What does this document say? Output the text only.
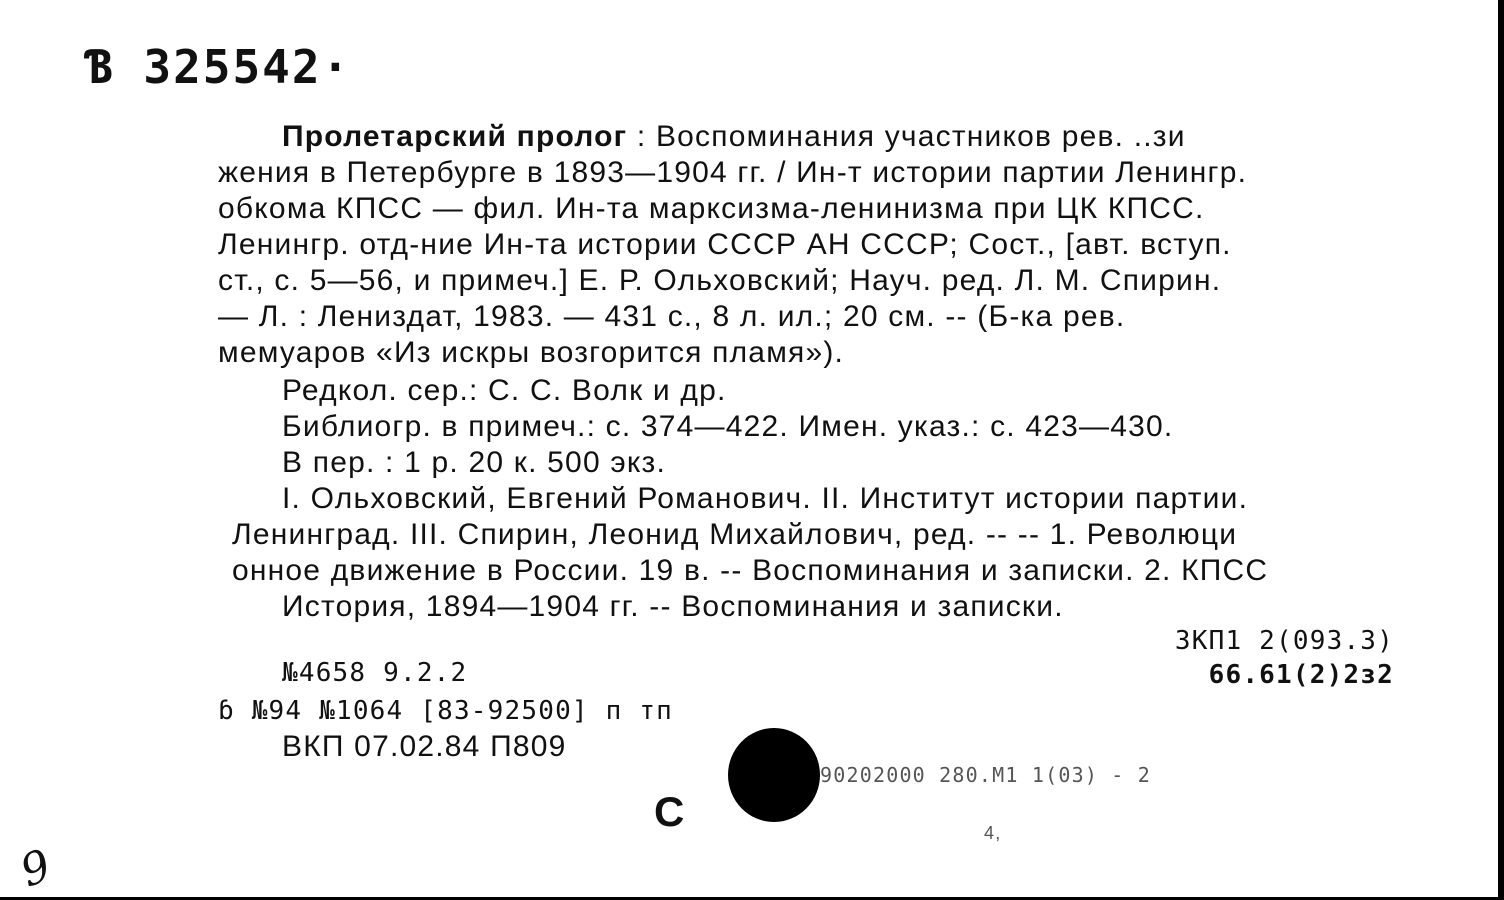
Ɓ 325542·
Пролетарский пролог : Воспоминания участников рев. ..зи
жения в Петербурге в 1893—1904 гг. / Ин-т истории партии Ленингр.
обкома КПСС — фил. Ин-та марксизма-ленинизма при ЦК КПСС.
Ленингр. отд-ние Ин-та истории СССР АН СССР; Сост., [авт. вступ.
ст., с. 5—56, и примеч.] Е. Р. Ольховский; Науч. ред. Л. М. Спирин.
— Л. : Лениздат, 1983. — 431 с., 8 л. ил.; 20 см. -- (Б-ка рев.
мемуаров «Из искры возгорится пламя»).
Редкол. сер.: С. С. Волк и др.
Библиогр. в примеч.: с. 374—422. Имен. указ.: с. 423—430.
В пер. : 1 р. 20 к. 500 экз.
I. Ольховский, Евгений Романович. II. Институт истории партии.
Ленинград. III. Спирин, Леонид Михайлович, ред. -- -- 1. Революци
онное движение в России. 19 в. -- Воспоминания и записки. 2. КПСС
История, 1894—1904 гг. -- Воспоминания и записки.
ЗКП1 2(093.3)
66.61(2)2з2
№4658 9.2.2
ɓ №94 №1064 [83-92500] п тп
ВКП 07.02.84 П809
С
90202000 280.М1 1(03) - 2
4,
9
